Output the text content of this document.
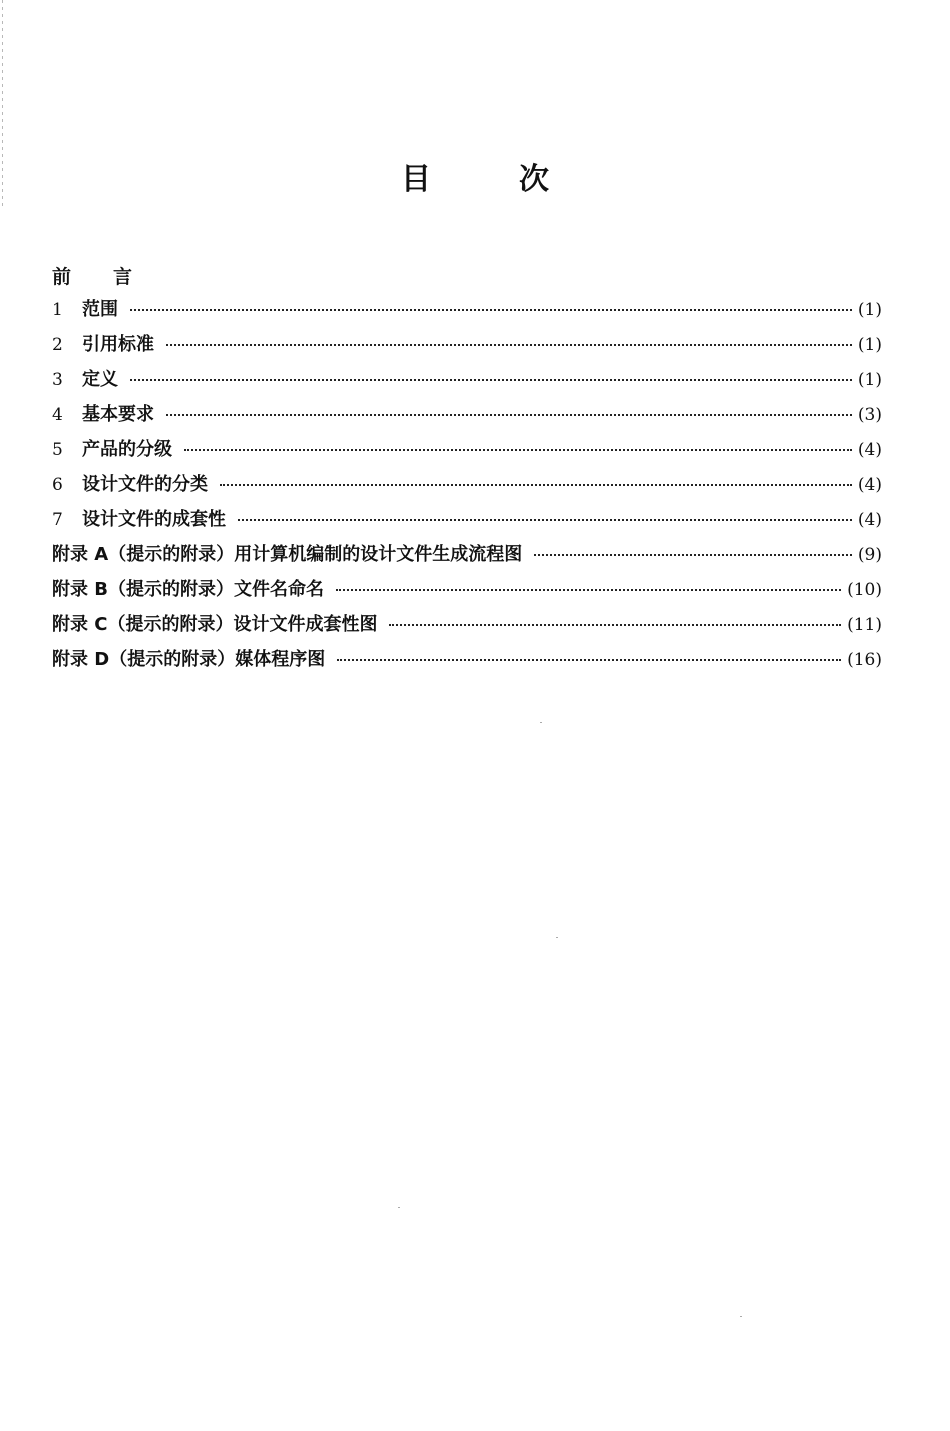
目	次
前 言
1	范围	(1)
2	引用标准	(1)
3	定义	(1)
4	基本要求	(3)
5	产品的分级	(4)
6	设计文件的分类	(4)
7	设计文件的成套性	(4)
附录 A（提示的附录）用计算机编制的设计文件生成流程图	(9)
附录 B（提示的附录）文件名命名	(10)
附录 C（提示的附录）设计文件成套性图	(11)
附录 D（提示的附录）媒体程序图	(16)
